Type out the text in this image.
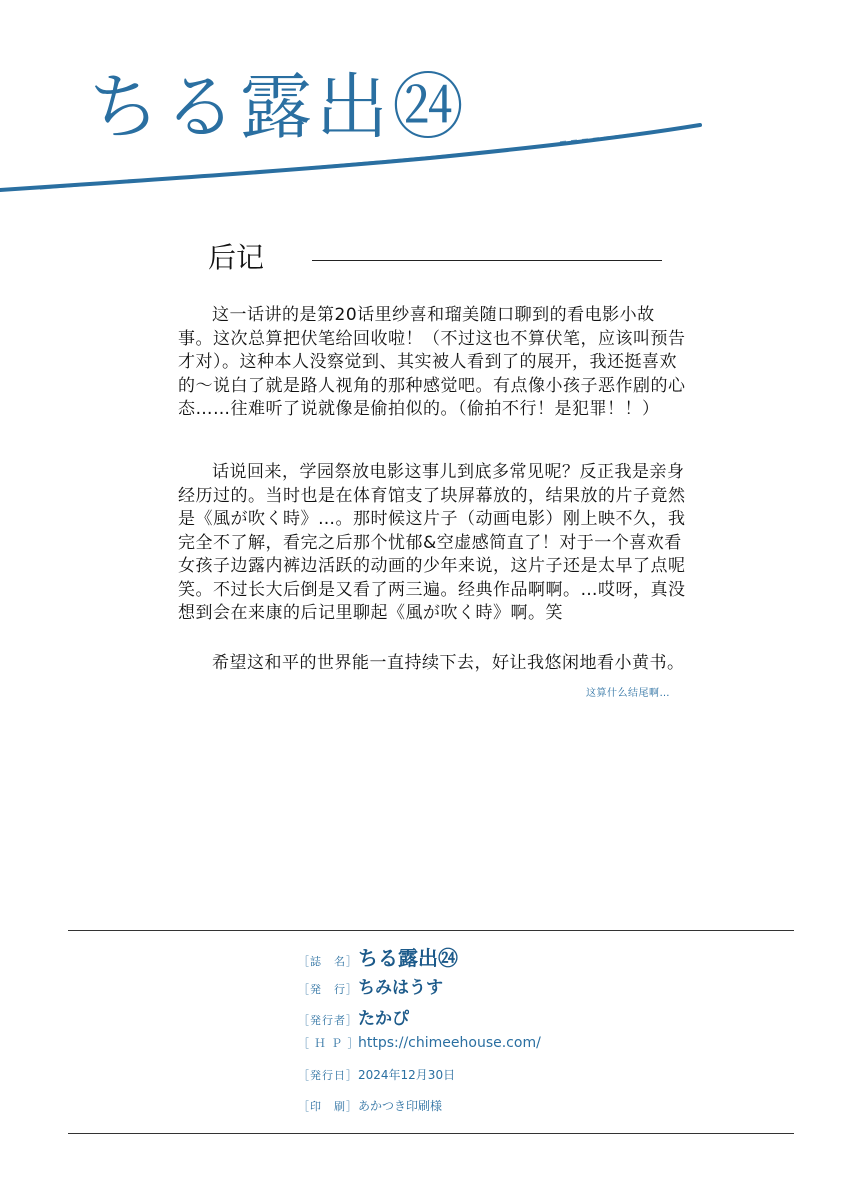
ちる露出㉔
后记

这一话讲的是第20话里纱喜和瑠美随口聊到的看电影小故事。这次总算把伏笔给回收啦！（不过这也不算伏笔，应该叫预告才对）。这种本人没察觉到、其实被人看到了的展开，我还挺喜欢的～说白了就是路人视角的那种感觉吧。有点像小孩子恶作剧的心态……往难听了说就像是偷拍似的。（偷拍不行！是犯罪！！）

话说回来，学园祭放电影这事儿到底多常见呢？反正我是亲身经历过的。当时也是在体育馆支了块屏幕放的，结果放的片子竟然是《風が吹く時》…。那时候这片子（动画电影）刚上映不久，我完全不了解，看完之后那个忧郁&空虚感简直了！对于一个喜欢看女孩子边露内裤边活跃的动画的少年来说，这片子还是太早了点呢 笑。不过长大后倒是又看了两三遍。经典作品啊啊。…哎呀，真没想到会在来康的后记里聊起《風が吹く時》啊。笑

希望这和平的世界能一直持续下去，好让我悠闲地看小黄书。

这算什么结尾啊…
［誌　名］ ちる露出㉔
［発　行］ ちみはうす
［発行者］ たかぴ
［ Ｈ Ｐ ］
https://chimeehouse.com/
［発行日］ 2024年12月30日
［印　刷］ あかつき印刷様
